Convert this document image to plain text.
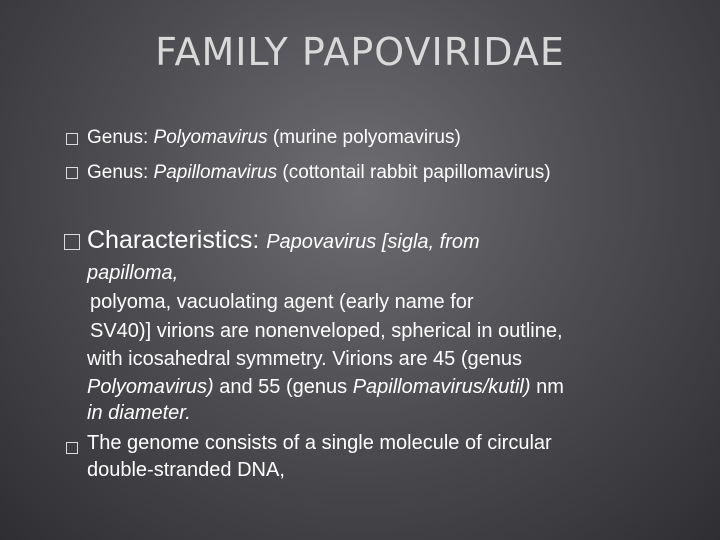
FAMILY PAPOVIRIDAE
Genus: Polyomavirus (murine polyomavirus)
Genus: Papillomavirus (cottontail rabbit papillomavirus)
Characteristics: Papovavirus [sigla, from
papilloma,
polyoma, vacuolating agent (early name for
SV40)] virions are nonenveloped, spherical in outline,
with icosahedral symmetry. Virions are 45 (genus
Polyomavirus) and 55 (genus Papillomavirus/kutil) nm
in diameter.
The genome consists of a single molecule of circular
double-stranded DNA,
